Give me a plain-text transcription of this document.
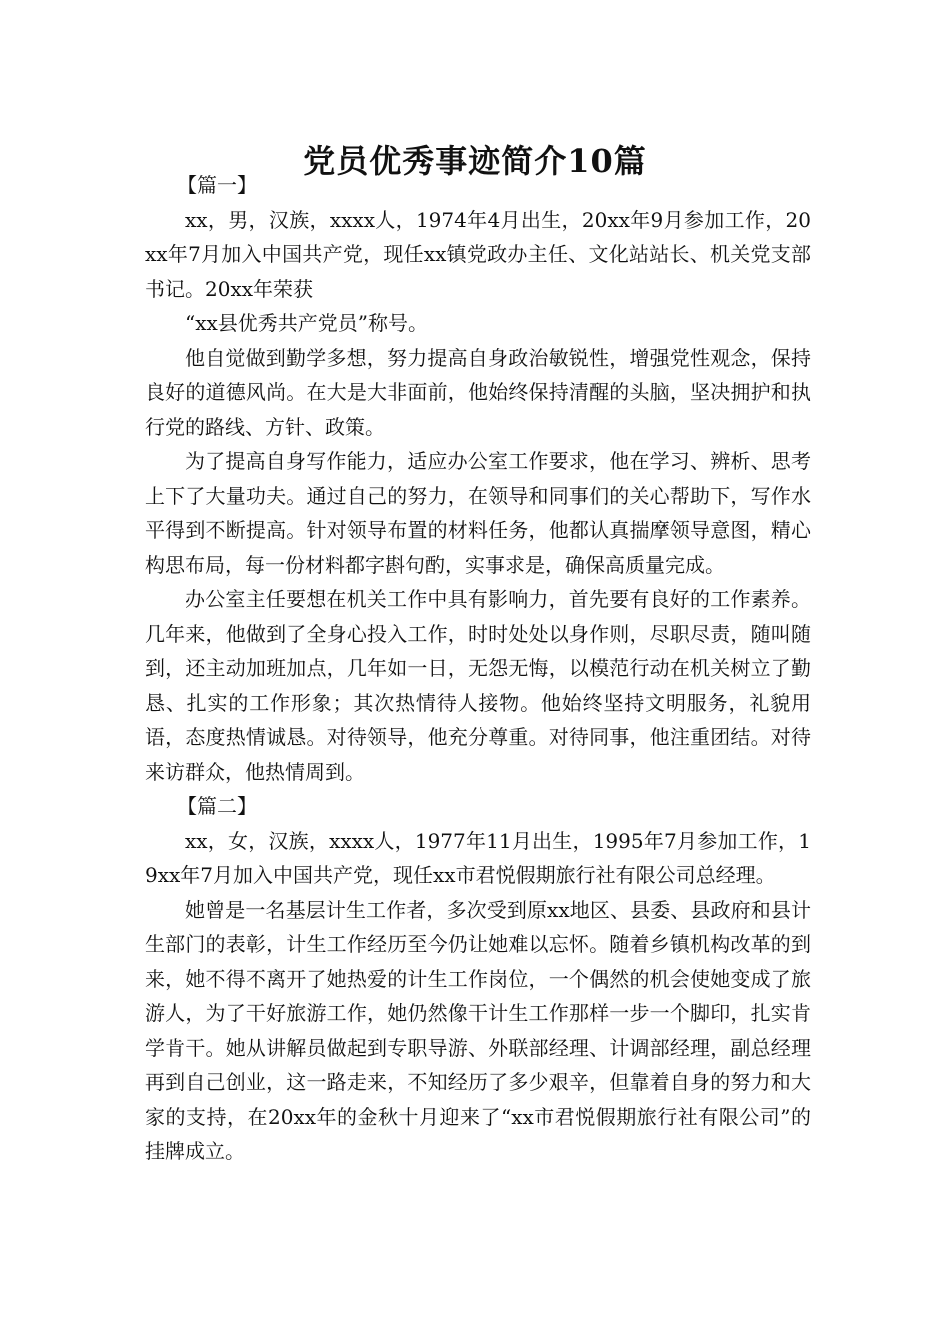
党员优秀事迹简介10篇

【篇一】

xx，男，汉族，xxxx人，1974年4月出生，20xx年9月参加工作，20xx年7月加入中国共产党，现任xx镇党政办主任、文化站站长、机关党支部书记。20xx年荣获

“xx县优秀共产党员”称号。

他自觉做到勤学多想，努力提高自身政治敏锐性，增强党性观念，保持良好的道德风尚。在大是大非面前，他始终保持清醒的头脑，坚决拥护和执行党的路线、方针、政策。

为了提高自身写作能力，适应办公室工作要求，他在学习、辨析、思考上下了大量功夫。通过自己的努力，在领导和同事们的关心帮助下，写作水平得到不断提高。针对领导布置的材料任务，他都认真揣摩领导意图，精心构思布局，每一份材料都字斟句酌，实事求是，确保高质量完成。

办公室主任要想在机关工作中具有影响力，首先要有良好的工作素养。几年来，他做到了全身心投入工作，时时处处以身作则，尽职尽责，随叫随到，还主动加班加点，几年如一日，无怨无悔，以模范行动在机关树立了勤恳、扎实的工作形象；其次热情待人接物。他始终坚持文明服务，礼貌用语，态度热情诚恳。对待领导，他充分尊重。对待同事，他注重团结。对待来访群众，他热情周到。

【篇二】

xx，女，汉族，xxxx人，1977年11月出生，1995年7月参加工作，19xx年7月加入中国共产党，现任xx市君悦假期旅行社有限公司总经理。

她曾是一名基层计生工作者，多次受到原xx地区、县委、县政府和县计生部门的表彰，计生工作经历至今仍让她难以忘怀。随着乡镇机构改革的到来，她不得不离开了她热爱的计生工作岗位，一个偶然的机会使她变成了旅游人，为了干好旅游工作，她仍然像干计生工作那样一步一个脚印，扎实肯学肯干。她从讲解员做起到专职导游、外联部经理、计调部经理，副总经理再到自己创业，这一路走来，不知经历了多少艰辛，但靠着自身的努力和大家的支持，在20xx年的金秋十月迎来了“xx市君悦假期旅行社有限公司”的挂牌成立。
